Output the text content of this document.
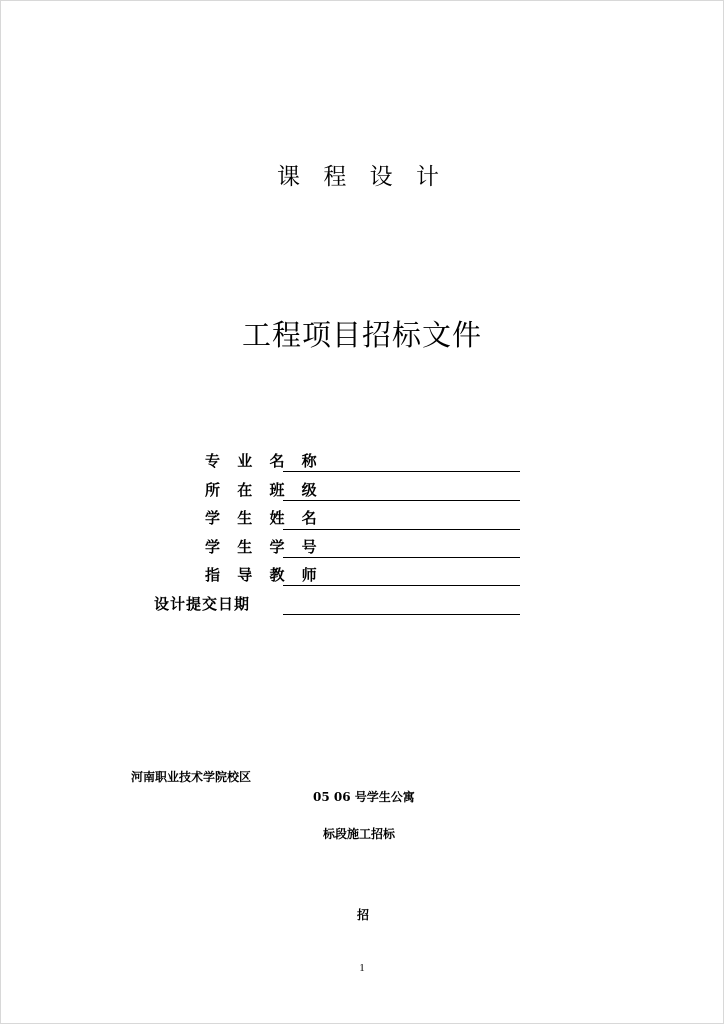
课 程 设 计
工程项目招标文件
专 业 名 称
所 在 班 级
学 生 姓 名
学 生 学 号
指 导 教 师
设计提交日期
河南职业技术学院校区
05 06 号学生公寓
标段施工招标
招
1
